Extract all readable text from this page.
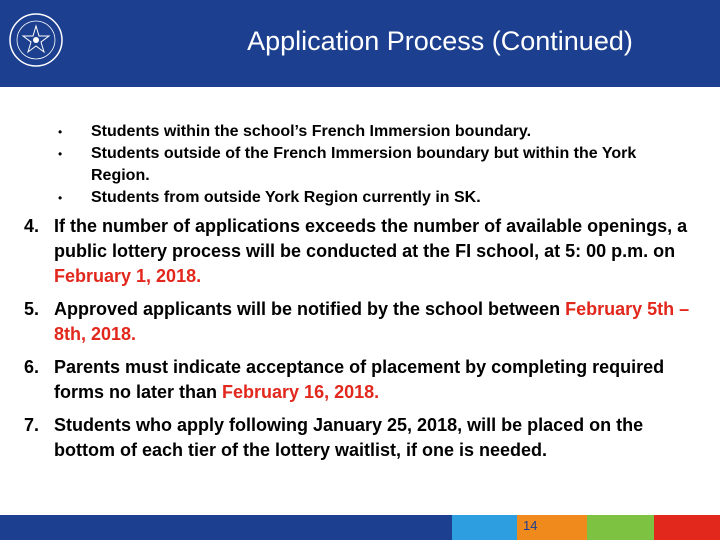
Application Process (Continued)
• Students within the school’s French Immersion boundary.
• Students outside of the French Immersion boundary but within the York Region.
• Students from outside York Region currently in SK.
4. If the number of applications exceeds the number of available openings, a public lottery process will be conducted at the FI school, at 5: 00 p.m. on February 1, 2018.
5. Approved applicants will be notified by the school between February 5th – 8th, 2018.
6. Parents must indicate acceptance of placement by completing required forms no later than February 16, 2018.
7. Students who apply following January 25, 2018, will be placed on the bottom of each tier of the lottery waitlist, if one is needed.
14
